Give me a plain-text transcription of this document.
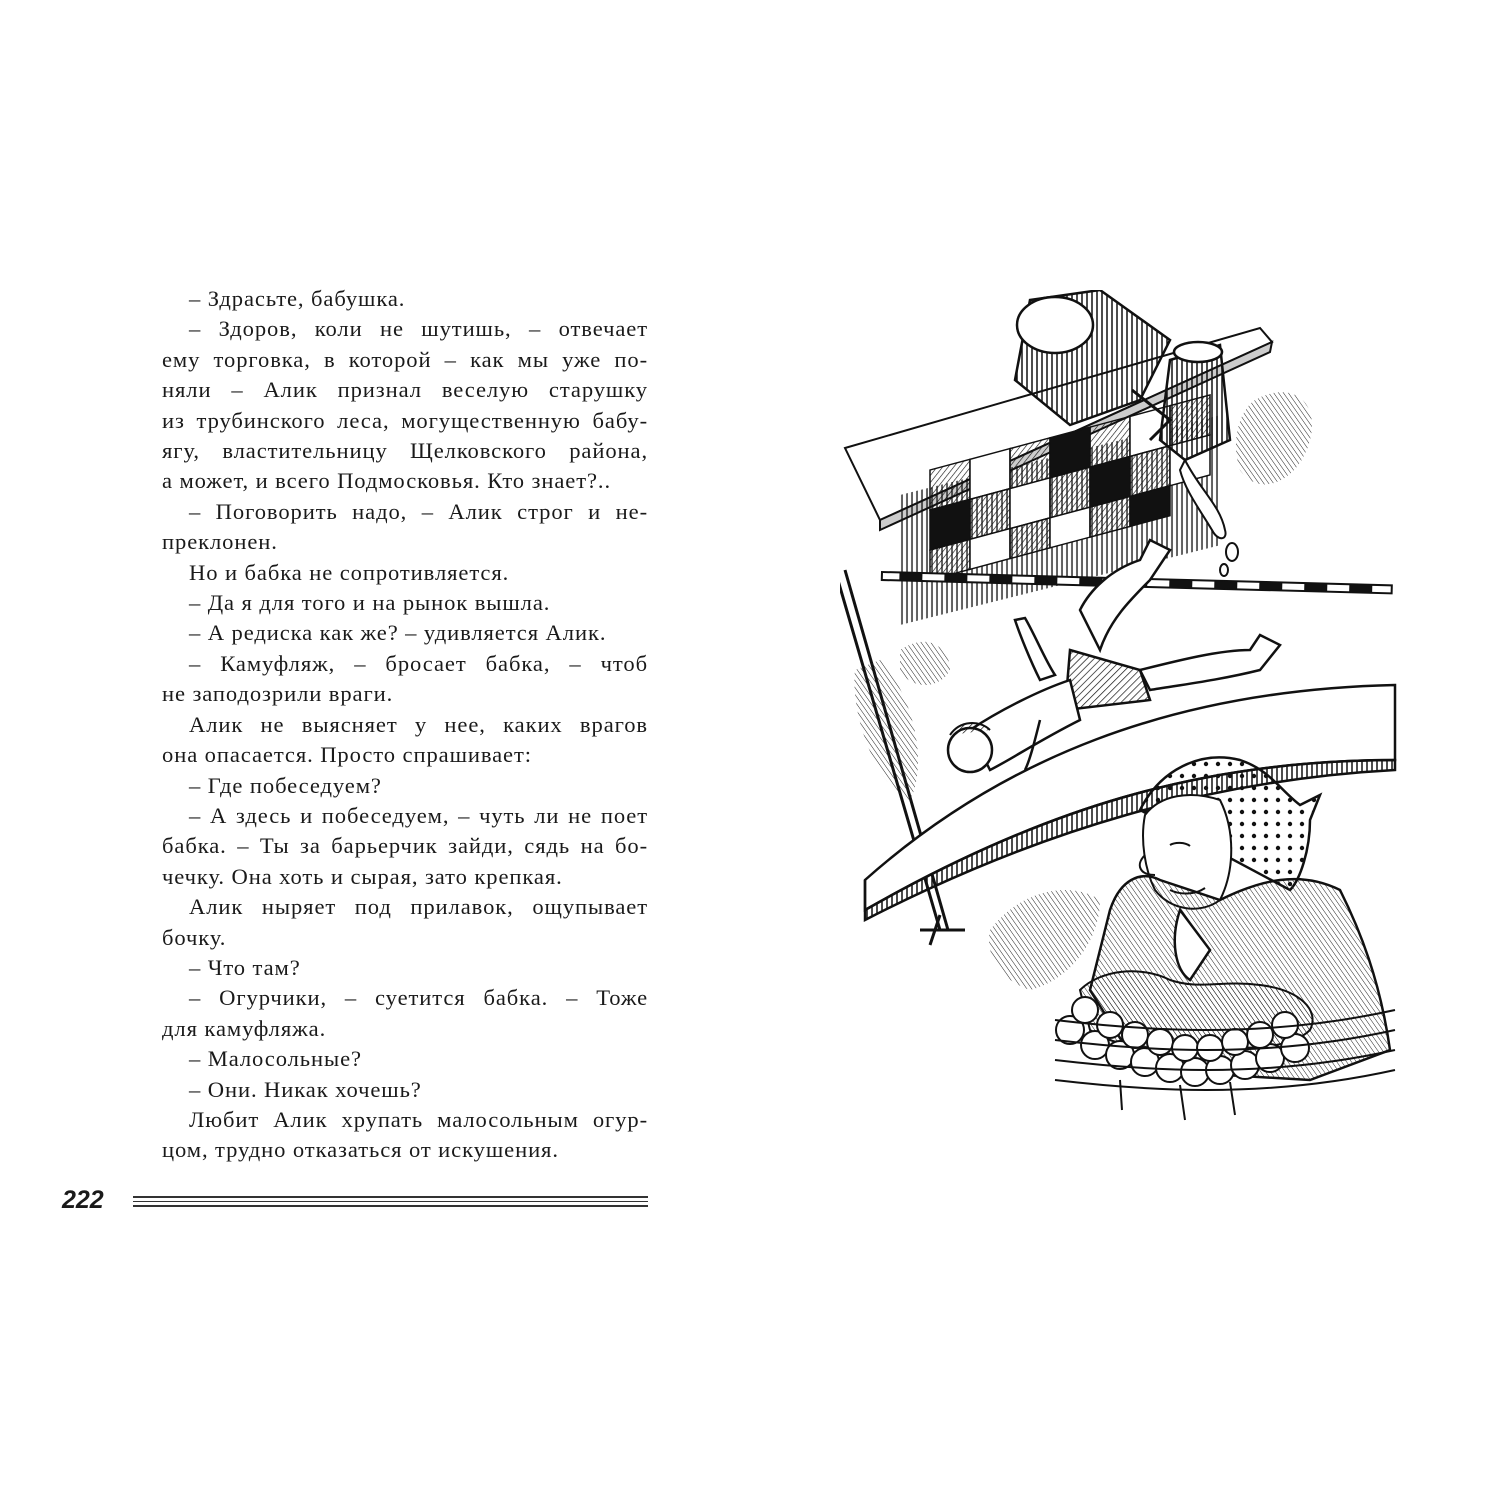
– Здрасьте, бабушка.
– Здоров, коли не шутишь, – отвечает
ему торговка, в которой – как мы уже по-
няли – Алик признал веселую старушку
из трубинского леса, могущественную бабу-
ягу, властительницу Щелковского района,
а может, и всего Подмосковья. Кто знает?..
– Поговорить надо, – Алик строг и не-
преклонен.
Но и бабка не сопротивляется.
– Да я для того и на рынок вышла.
– А редиска как же? – удивляется Алик.
– Камуфляж, – бросает бабка, – чтоб
не заподозрили враги.
Алик не выясняет у нее, каких врагов
она опасается. Просто спрашивает:
– Где побеседуем?
– А здесь и побеседуем, – чуть ли не поет
бабка. – Ты за барьерчик зайди, сядь на бо-
чечку. Она хоть и сырая, зато крепкая.
Алик ныряет под прилавок, ощупывает
бочку.
– Что там?
– Огурчики, – суетится бабка. – Тоже
для камуфляжа.
– Малосольные?
– Они. Никак хочешь?
Любит Алик хрупать малосольным огур-
цом, трудно отказаться от искушения.
222
